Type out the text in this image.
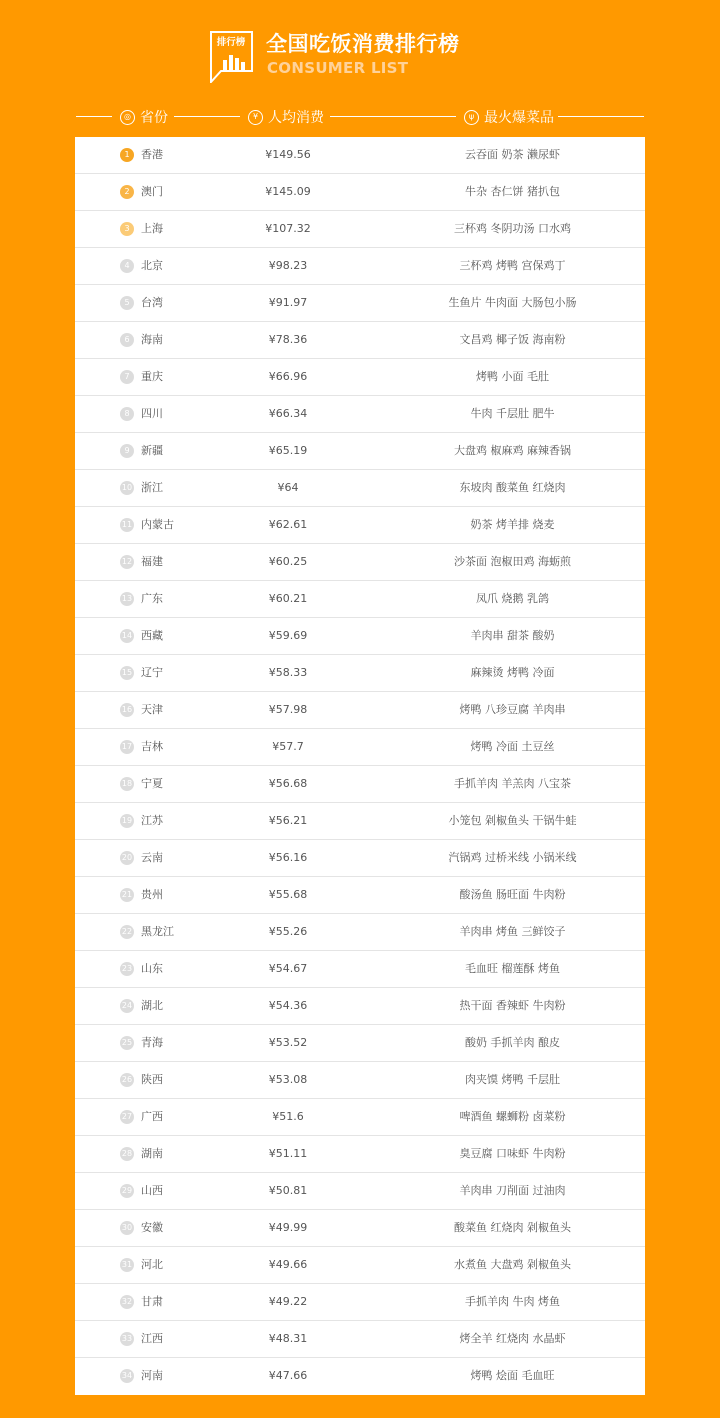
排行榜 全国吃饭消费排行榜
CONSUMER LIST
◎ 省份	¥ 人均消费	ψ 最火爆菜品
1	香港	¥149.56	云吞面 奶茶 濑尿虾
2	澳门	¥145.09	牛杂 杏仁饼 猪扒包
3	上海	¥107.32	三杯鸡 冬阴功汤 口水鸡
4	北京	¥98.23	三杯鸡 烤鸭 宫保鸡丁
5	台湾	¥91.97	生鱼片 牛肉面 大肠包小肠
6	海南	¥78.36	文昌鸡 椰子饭 海南粉
7	重庆	¥66.96	烤鸭 小面 毛肚
8	四川	¥66.34	牛肉 千层肚 肥牛
9	新疆	¥65.19	大盘鸡 椒麻鸡 麻辣香锅
10 浙江	¥64	东坡肉 酸菜鱼 红烧肉
11 内蒙古	¥62.61	奶茶 烤羊排 烧麦
12 福建	¥60.25	沙茶面 泡椒田鸡 海蛎煎
13 广东	¥60.21	凤爪 烧鹅 乳鸽
14 西藏	¥59.69	羊肉串 甜茶 酸奶
15 辽宁	¥58.33	麻辣烫 烤鸭 冷面
16 天津	¥57.98	烤鸭 八珍豆腐 羊肉串
17 吉林	¥57.7	烤鸭 冷面 土豆丝
18 宁夏	¥56.68	手抓羊肉 羊羔肉 八宝茶
19 江苏	¥56.21	小笼包 剁椒鱼头 干锅牛蛙
20 云南	¥56.16	汽锅鸡 过桥米线 小锅米线
21 贵州	¥55.68	酸汤鱼 肠旺面 牛肉粉
22 黑龙江	¥55.26	羊肉串 烤鱼 三鲜饺子
23 山东	¥54.67	毛血旺 榴莲酥 烤鱼
24 湖北	¥54.36	热干面 香辣虾 牛肉粉
25 青海	¥53.52	酸奶 手抓羊肉 酿皮
26 陕西	¥53.08	肉夹馍 烤鸭 千层肚
27 广西	¥51.6	啤酒鱼 螺蛳粉 卤菜粉
28 湖南	¥51.11	臭豆腐 口味虾 牛肉粉
29 山西	¥50.81	羊肉串 刀削面 过油肉
30 安徽	¥49.99	酸菜鱼 红烧肉 剁椒鱼头
31 河北	¥49.66	水煮鱼 大盘鸡 剁椒鱼头
32 甘肃	¥49.22	手抓羊肉 牛肉 烤鱼
33 江西	¥48.31	烤全羊 红烧肉 水晶虾
34 河南	¥47.66	烤鸭 烩面 毛血旺
